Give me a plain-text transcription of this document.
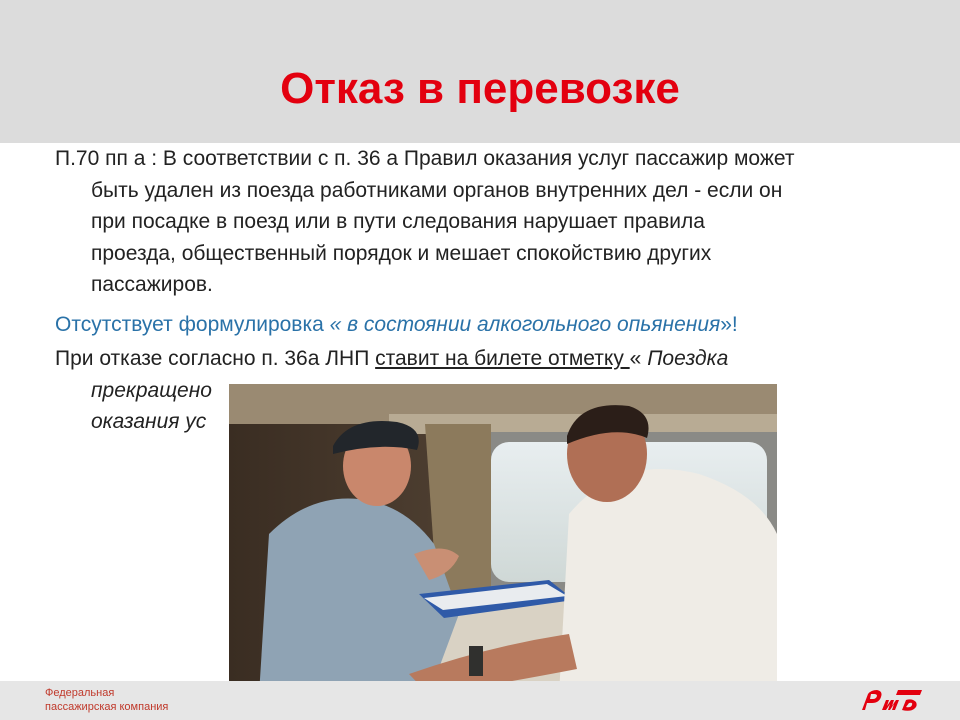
Отказ в перевозке
П.70 пп а : В соответствии с п. 36 а Правил оказания услуг пассажир может
быть удален из поезда работниками органов внутренних дел - если он
при посадке в поезд или в пути следования нарушает правила
проезда, общественный порядок и мешает спокойствию других
пассажиров.
Отсутствует формулировка « в состоянии алкогольного опьянения»!
При отказе согласно п. 36а ЛНП ставит на билете отметку « Поездка
прекращено
оказания ус
Федеральная
пассажирская компания
